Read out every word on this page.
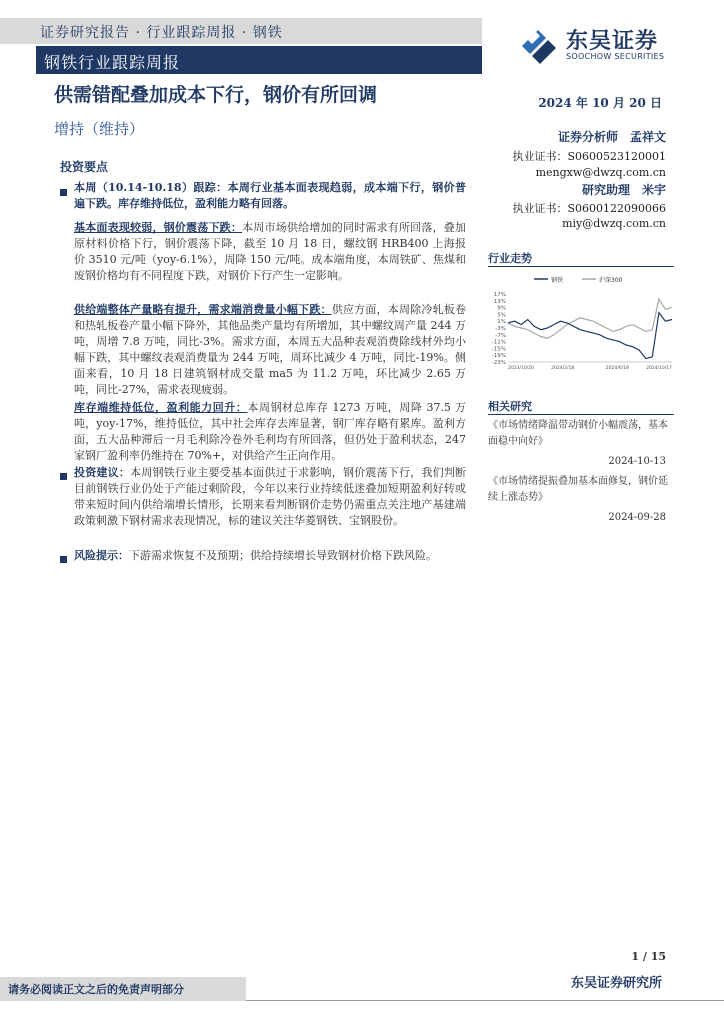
证券研究报告 · 行业跟踪周报 · 钢铁
钢铁行业跟踪周报
东吴证券
SOOCHOW SECURITIES
供需错配叠加成本下行，钢价有所回调	2024 年 10 月 20 日
增持（维持）	证券分析师　孟祥文
执业证书：S0600523120001
mengxw@dwzq.com.cn
研究助理　米宇
执业证书：S0600122090066
miy@dwzq.com.cn
投资要点
本周（10.14-10.18）跟踪：本周行业基本面表现趋弱，成本端下行，钢价普遍下跌。库存维持低位，盈利能力略有回落。
基本面表现较弱，钢价震荡下跌：本周市场供给增加的同时需求有所回落，叠加原材料价格下行，钢价震荡下降，截至 10 月 18 日，螺纹钢 HRB400 上海报价 3510 元/吨（yoy-6.1%），周降 150 元/吨。成本端角度，本周铁矿、焦煤和废钢价格均有不同程度下跌，对钢价下行产生一定影响。
供给端整体产量略有提升，需求端消费量小幅下跌：供应方面，本周除冷轧板卷和热轧板卷产量小幅下降外，其他品类产量均有所增加，其中螺纹周产量 244 万吨，周增 7.8 万吨，同比-3%。需求方面，本周五大品种表观消费除线材外均小幅下跌，其中螺纹表观消费量为 244 万吨，周环比减少 4 万吨，同比-19%。侧面来看，10 月 18 日建筑钢材成交量 ma5 为 11.2 万吨，环比减少 2.65 万吨，同比-27%，需求表现疲弱。
库存端维持低位，盈利能力回升：本周钢材总库存 1273 万吨，周降 37.5 万吨，yoy-17%，维持低位，其中社会库存去库显著，钢厂库存略有累库。盈利方面，五大品种滞后一月毛利除冷卷外毛利均有所回落，但仍处于盈利状态，247 家钢厂盈利率仍维持在 70%+，对供给产生正向作用。
投资建议：本周钢铁行业主要受基本面供过于求影响，钢价震荡下行，我们判断目前钢铁行业仍处于产能过剩阶段，今年以来行业持续低迷叠加短期盈利好转或带来短时间内供给端增长情形，长期来看判断钢价走势仍需重点关注地产基建端政策刺激下钢材需求表现情况，标的建议关注华菱钢铁、宝钢股份。
风险提示：下游需求恢复不及预期；供给持续增长导致钢材价格下跌风险。
行业走势
钢铁	沪深300
17%
13%
9%
5%
1%
-3%
-7%
-11%
-15%
-19%
-23%
2023/10/20	2024/2/18	2024/6/18	2024/10/17
相关研究
《市场情绪降温带动钢价小幅震荡，基本面稳中向好》
2024-10-13
《市场情绪提振叠加基本面修复，钢价延续上涨态势》
2024-09-28
1 / 15
请务必阅读正文之后的免责声明部分	东吴证券研究所
